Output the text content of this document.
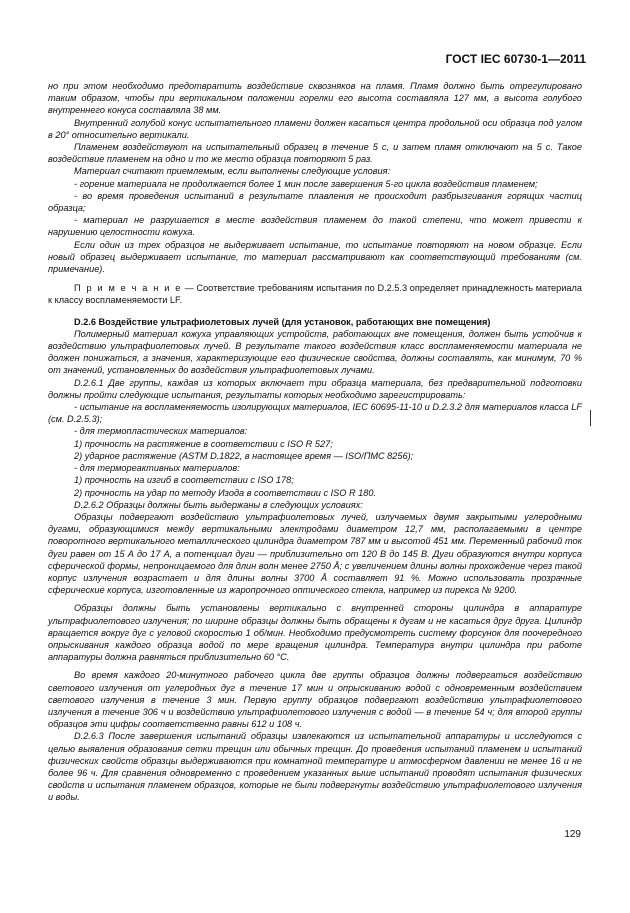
ГОСТ IEC 60730-1—2011

но при этом необходимо предотвратить воздействие сквозняков на пламя. Пламя должно быть отрегулировано таким образом, чтобы при вертикальном положении горелки его высота составляла 127 мм, а высота голубого внутреннего конуса составляла 38 мм.

Внутренний голубой конус испытательного пламени должен касаться центра продольной оси образца под углом в 20° относительно вертикали.

Пламенем воздействуют на испытательный образец в течение 5 с, и затем пламя отключают на 5 с. Такое воздействие пламенем на одно и то же место образца повторяют 5 раз.

Материал считают приемлемым, если выполнены следующие условия:

- горение материала не продолжается более 1 мин после завершения 5-го цикла воздействия пламенем;

- во время проведения испытаний в результате плавления не происходит разбрызгивания горящих частиц образца;

- материал не разрушается в месте воздействия пламенем до такой степени, что может привести к нарушению целостности кожуха.

Если один из трех образцов не выдерживает испытание, то испытание повторяют на новом образце. Если новый образец выдерживает испытание, то материал рассматривают как соответствующий требованиям (см. примечание).

П р и м е ч а н и е — Соответствие требованиям испытания по D.2.5.3 определяет принадлежность материала к классу воспламеняемости LF.

D.2.6 Воздействие ультрафиолетовых лучей (для установок, работающих вне помещения)

Полимерный материал кожуха управляющих устройств, работающих вне помещения, должен быть устойчив к воздействию ультрафиолетовых лучей. В результате такого воздействия класс воспламеняемости материала не должен понижаться, а значения, характеризующие его физические свойства, должны составлять, как минимум, 70 % от значений, установленных до воздействия ультрафиолетовых лучами.

D.2.6.1 Две группы, каждая из которых включает три образца материала, без предварительной подготовки должны пройти следующие испытания, результаты которых необходимо зарегистрировать:

- испытание на воспламеняемость изолирующих материалов, IEC 60695-11-10 и D.2.3.2 для материалов класса LF (см. D.2.5.3);

- для термопластических материалов:

1) прочность на растяжение в соответствии с ISO R 527;

2) ударное растяжение (ASTM D.1822, в настоящее время — ISO/ПМС 8256);

- для термореактивных материалов:

1) прочность на изгиб в соответствии с ISO 178;

2) прочность на удар по методу Изода в соответствии с ISO R 180.

D.2.6.2 Образцы должны быть выдержаны в следующих условиях:

Образцы подвергают воздействию ультрафиолетовых лучей, излучаемых двумя закрытыми углеродными дугами, образующимися между вертикальными электродами диаметром 12,7 мм, располагаемыми в центре поворотного вертикального металлического цилиндра диаметром 787 мм и высотой 451 мм. Переменный рабочий ток дуги равен от 15 А до 17 А, а потенциал дуги — приблизительно от 120 В до 145 В. Дуги образуются внутри корпуса сферической формы, непроницаемого для длин волн менее 2750 Å; с увеличением длины волны прохождение через такой корпус излучения возрастает и для длины волны 3700 Å составляет 91 %. Можно использовать прозрачные сферические корпуса, изготовленные из жаропрочного оптического стекла, например из пирекса № 9200.

Образцы должны быть установлены вертикально с внутренней стороны цилиндра в аппаратуре ультрафиолетового излучения; по ширине образцы должны быть обращены к дугам и не касаться друг друга. Цилиндр вращается вокруг дуг с угловой скоростью 1 об/мин. Необходимо предусмотреть систему форсунок для поочередного опрыскивания каждого образца водой по мере вращения цилиндра. Температура внутри цилиндра при работе аппаратуры должна равняться приблизительно 60 °С.

Во время каждого 20-минутного рабочего цикла две группы образцов должны подвергаться воздействию светового излучения от углеродных дуг в течение 17 мин и опрыскиванию водой с одновременным воздействием светового излучения в течение 3 мин. Первую группу образцов подвергают воздействию ультрафиолетового излучения в течение 306 ч и воздействию ультрафиолетового излучения с водой — в течение 54 ч; для второй группы образцов эти цифры соответственно равны 612 и 108 ч.

D.2.6.3 После завершения испытаний образцы извлекаются из испытательной аппаратуры и исследуются с целью выявления образования сетки трещин или обычных трещин. До проведения испытаний пламенем и испытаний физических свойств образцы выдерживаются при комнатной температуре и атмосферном давлении не менее 16 и не более 96 ч. Для сравнения одновременно с проведением указанных выше испытаний проводят испытания физических свойств и испытания пламенем образцов, которые не были подвергнуты воздействию ультрафиолетового излучения и воды.

129
